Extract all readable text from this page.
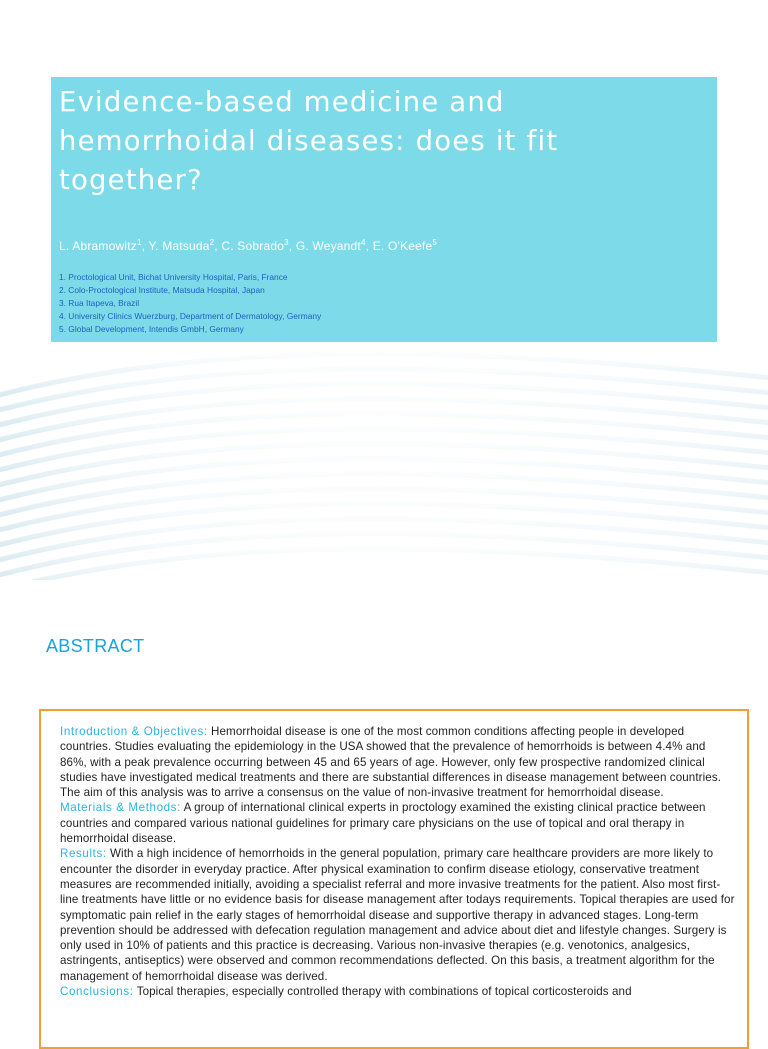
Evidence-based medicine and hemorrhoidal diseases: does it fit together?
L. Abramowitz$^1$, Y. Matsuda$^2$, C. Sobrado$^3$, G. Weyandt$^4$, E. O'Keefe$^5$
1. Proctological Unit, Bichat University Hospital, Paris, France
2. Colo-Proctological Institute, Matsuda Hospital, Japan
3. Rua Itapeva, Brazil
4. University Clinics Wuerzburg, Department of Dermatology, Germany
5. Global Development, Intendis GmbH, Germany
ABSTRACT

Introduction & Objectives: Hemorrhoidal disease is one of the most common conditions affecting people in developed countries. Studies evaluating the epidemiology in the USA showed that the prevalence of hemorrhoids is between 4.4% and 86%, with a peak prevalence occurring between 45 and 65 years of age. However, only few prospective randomized clinical studies have investigated medical treatments and there are substantial differences in disease management between countries. The aim of this analysis was to arrive a consensus on the value of non-invasive treatment for hemorrhoidal disease.
Materials & Methods: A group of international clinical experts in proctology examined the existing clinical practice between countries and compared various national guidelines for primary care physicians on the use of topical and oral therapy in hemorrhoidal disease.
Results: With a high incidence of hemorrhoids in the general population, primary care healthcare providers are more likely to encounter the disorder in everyday practice. After physical examination to confirm disease etiology, conservative treatment measures are recommended initially, avoiding a specialist referral and more invasive treatments for the patient. Also most first-line treatments have little or no evidence basis for disease management after todays requirements. Topical therapies are used for symptomatic pain relief in the early stages of hemorrhoidal disease and supportive therapy in advanced stages. Long-term prevention should be addressed with defecation regulation management and advice about diet and lifestyle changes. Surgery is only used in 10% of patients and this practice is decreasing. Various non-invasive therapies (e.g. venotonics, analgesics, astringents, antiseptics) were observed and common recommendations deflected. On this basis, a treatment algorithm for the management of hemorrhoidal disease was derived.
Conclusions: Topical therapies, especially controlled therapy with combinations of topical corticosteroids and
